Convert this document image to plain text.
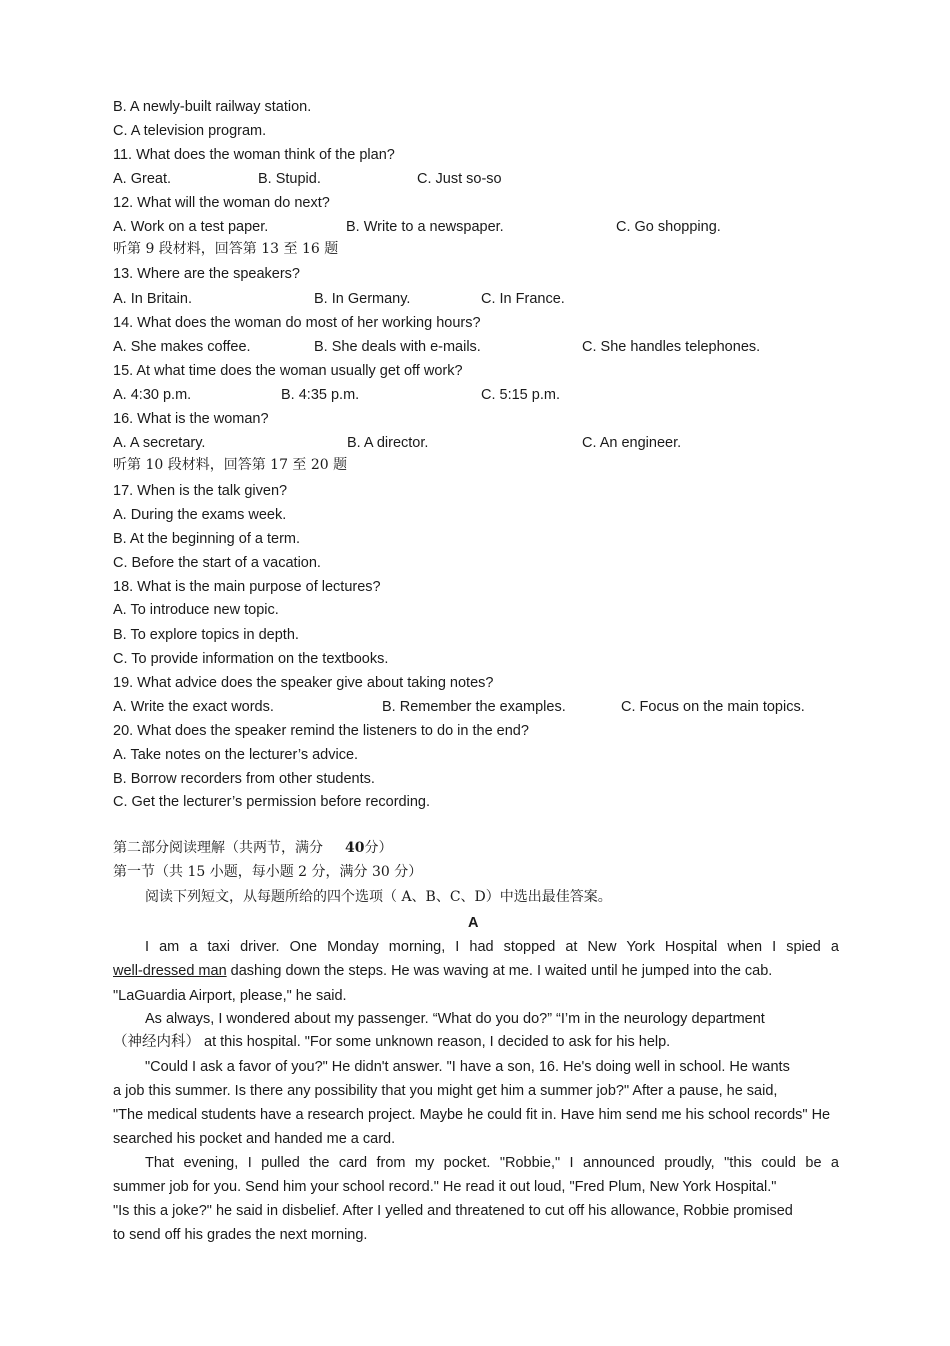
B. A newly-built railway station.

C. A television program.

11. What does the woman think of the plan?

A. Great.	B. Stupid.	C. Just so-so

12. What will the woman do next?

A. Work on a test paper.	B. Write to a newspaper.	C. Go shopping.

听第 9 段材料，回答第 13 至 16 题

13. Where are the speakers?

A. In Britain.	B. In Germany.	C. In France.

14. What does the woman do most of her working hours?

A. She makes coffee.	B. She deals with e-mails.	C. She handles telephones.

15. At what time does the woman usually get off work?

A. 4:30 p.m.	B. 4:35 p.m.	C. 5:15 p.m.

16. What is the woman?

A. A secretary.	B. A director.	C. An engineer.

听第 10 段材料，回答第 17 至 20 题

17. When is the talk given?

A. During the exams week.

B. At the beginning of a term.

C. Before the start of a vacation.

18. What is the main purpose of lectures?

A. To introduce new topic.

B. To explore topics in depth.

C. To provide information on the textbooks.

19. What advice does the speaker give about taking notes?

A. Write the exact words.	B. Remember the examples.	C. Focus on the main topics.

20. What does the speaker remind the listeners to do in the end?

A. Take notes on the lecturer’s advice.

B. Borrow recorders from other students.

C. Get the lecturer’s permission before recording.

第二部分阅读理解（共两节，满分 40分）

第一节（共 15 小题，每小题 2 分，满分 30 分）

阅读下列短文，从每题所给的四个选项（ A、B、C、D）中选出最佳答案。

A

I am a taxi driver. One Monday morning, I had stopped at New York Hospital when I spied a

well-dressed man dashing down the steps. He was waving at me. I waited until he jumped into the cab.

"LaGuardia Airport, please," he said.

As always, I wondered about my passenger. “What do you do?” “I’m in the neurology department

（神经内科） at this hospital. "For some unknown reason, I decided to ask for his help.

"Could I ask a favor of you?" He didn't answer. "I have a son, 16. He's doing well in school. He wants

a job this summer. Is there any possibility that you might get him a summer job?" After a pause, he said,

"The medical students have a research project. Maybe he could fit in. Have him send me his school records" He

searched his pocket and handed me a card.

That evening, I pulled the card from my pocket. "Robbie," I announced proudly, "this could be a

summer job for you. Send him your school record." He read it out loud, "Fred Plum, New York Hospital."

"Is this a joke?" he said in disbelief. After I yelled and threatened to cut off his allowance, Robbie promised

to send off his grades the next morning.
